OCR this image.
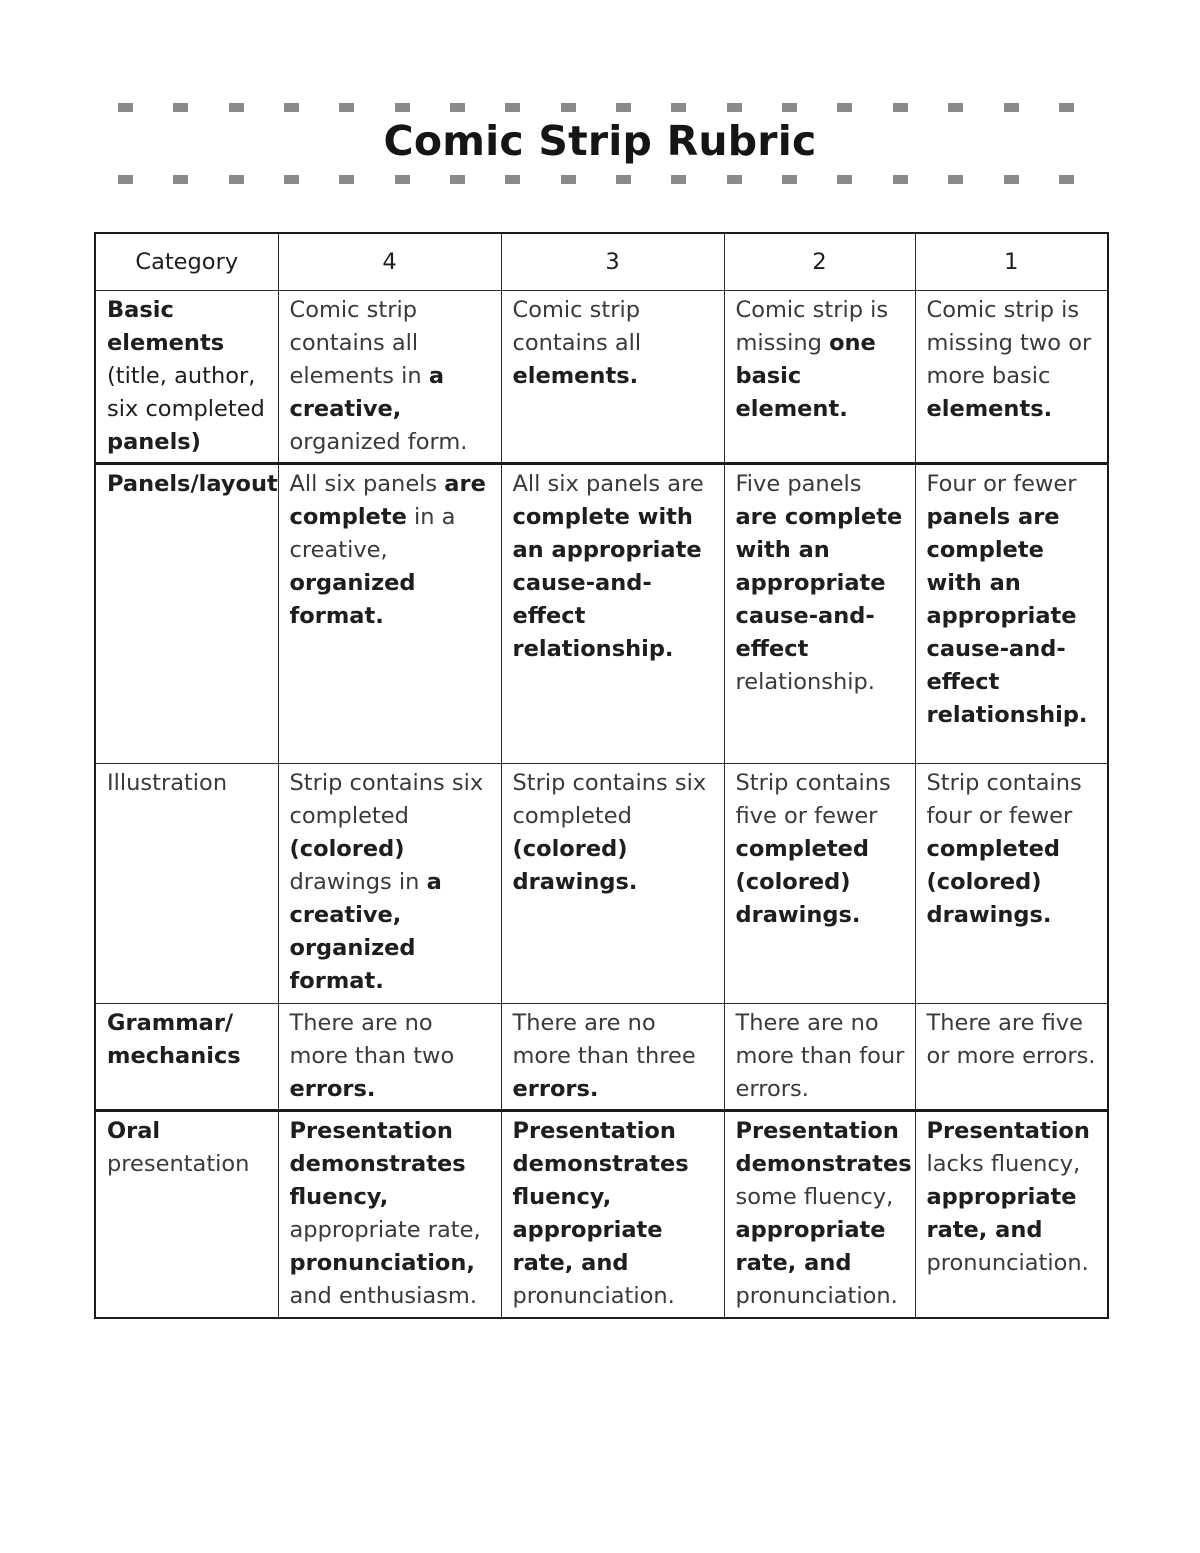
Comic Strip Rubric
Category	4	3	2	1
Basic elements (title, author, six completed panels)	Comic strip contains all elements in a creative, organized form.	Comic strip contains all elements.	Comic strip is missing one basic element.	Comic strip is missing two or more basic elements.
Panels/layout	All six panels are complete in a creative, organized format.	All six panels are complete with an appropriate cause-and-effect relationship.	Five panels are complete with an appropriate cause-and-effect relationship.	Four or fewer panels are complete with an appropriate cause-and-effect relationship.
Illustration	Strip contains six completed (colored) drawings in a creative, organized format.	Strip contains six completed (colored) drawings.	Strip contains five or fewer completed (colored) drawings.	Strip contains four or fewer completed (colored) drawings.
Grammar/ mechanics	There are no more than two errors.	There are no more than three errors.	There are no more than four errors.	There are five or more errors.
Oral presentation	Presentation demonstrates fluency, appropriate rate, pronunciation, and enthusiasm.	Presentation demonstrates fluency, appropriate rate, and pronunciation.	Presentation demonstrates some fluency, appropriate rate, and pronunciation.	Presentation lacks fluency, appropriate rate, and pronunciation.
